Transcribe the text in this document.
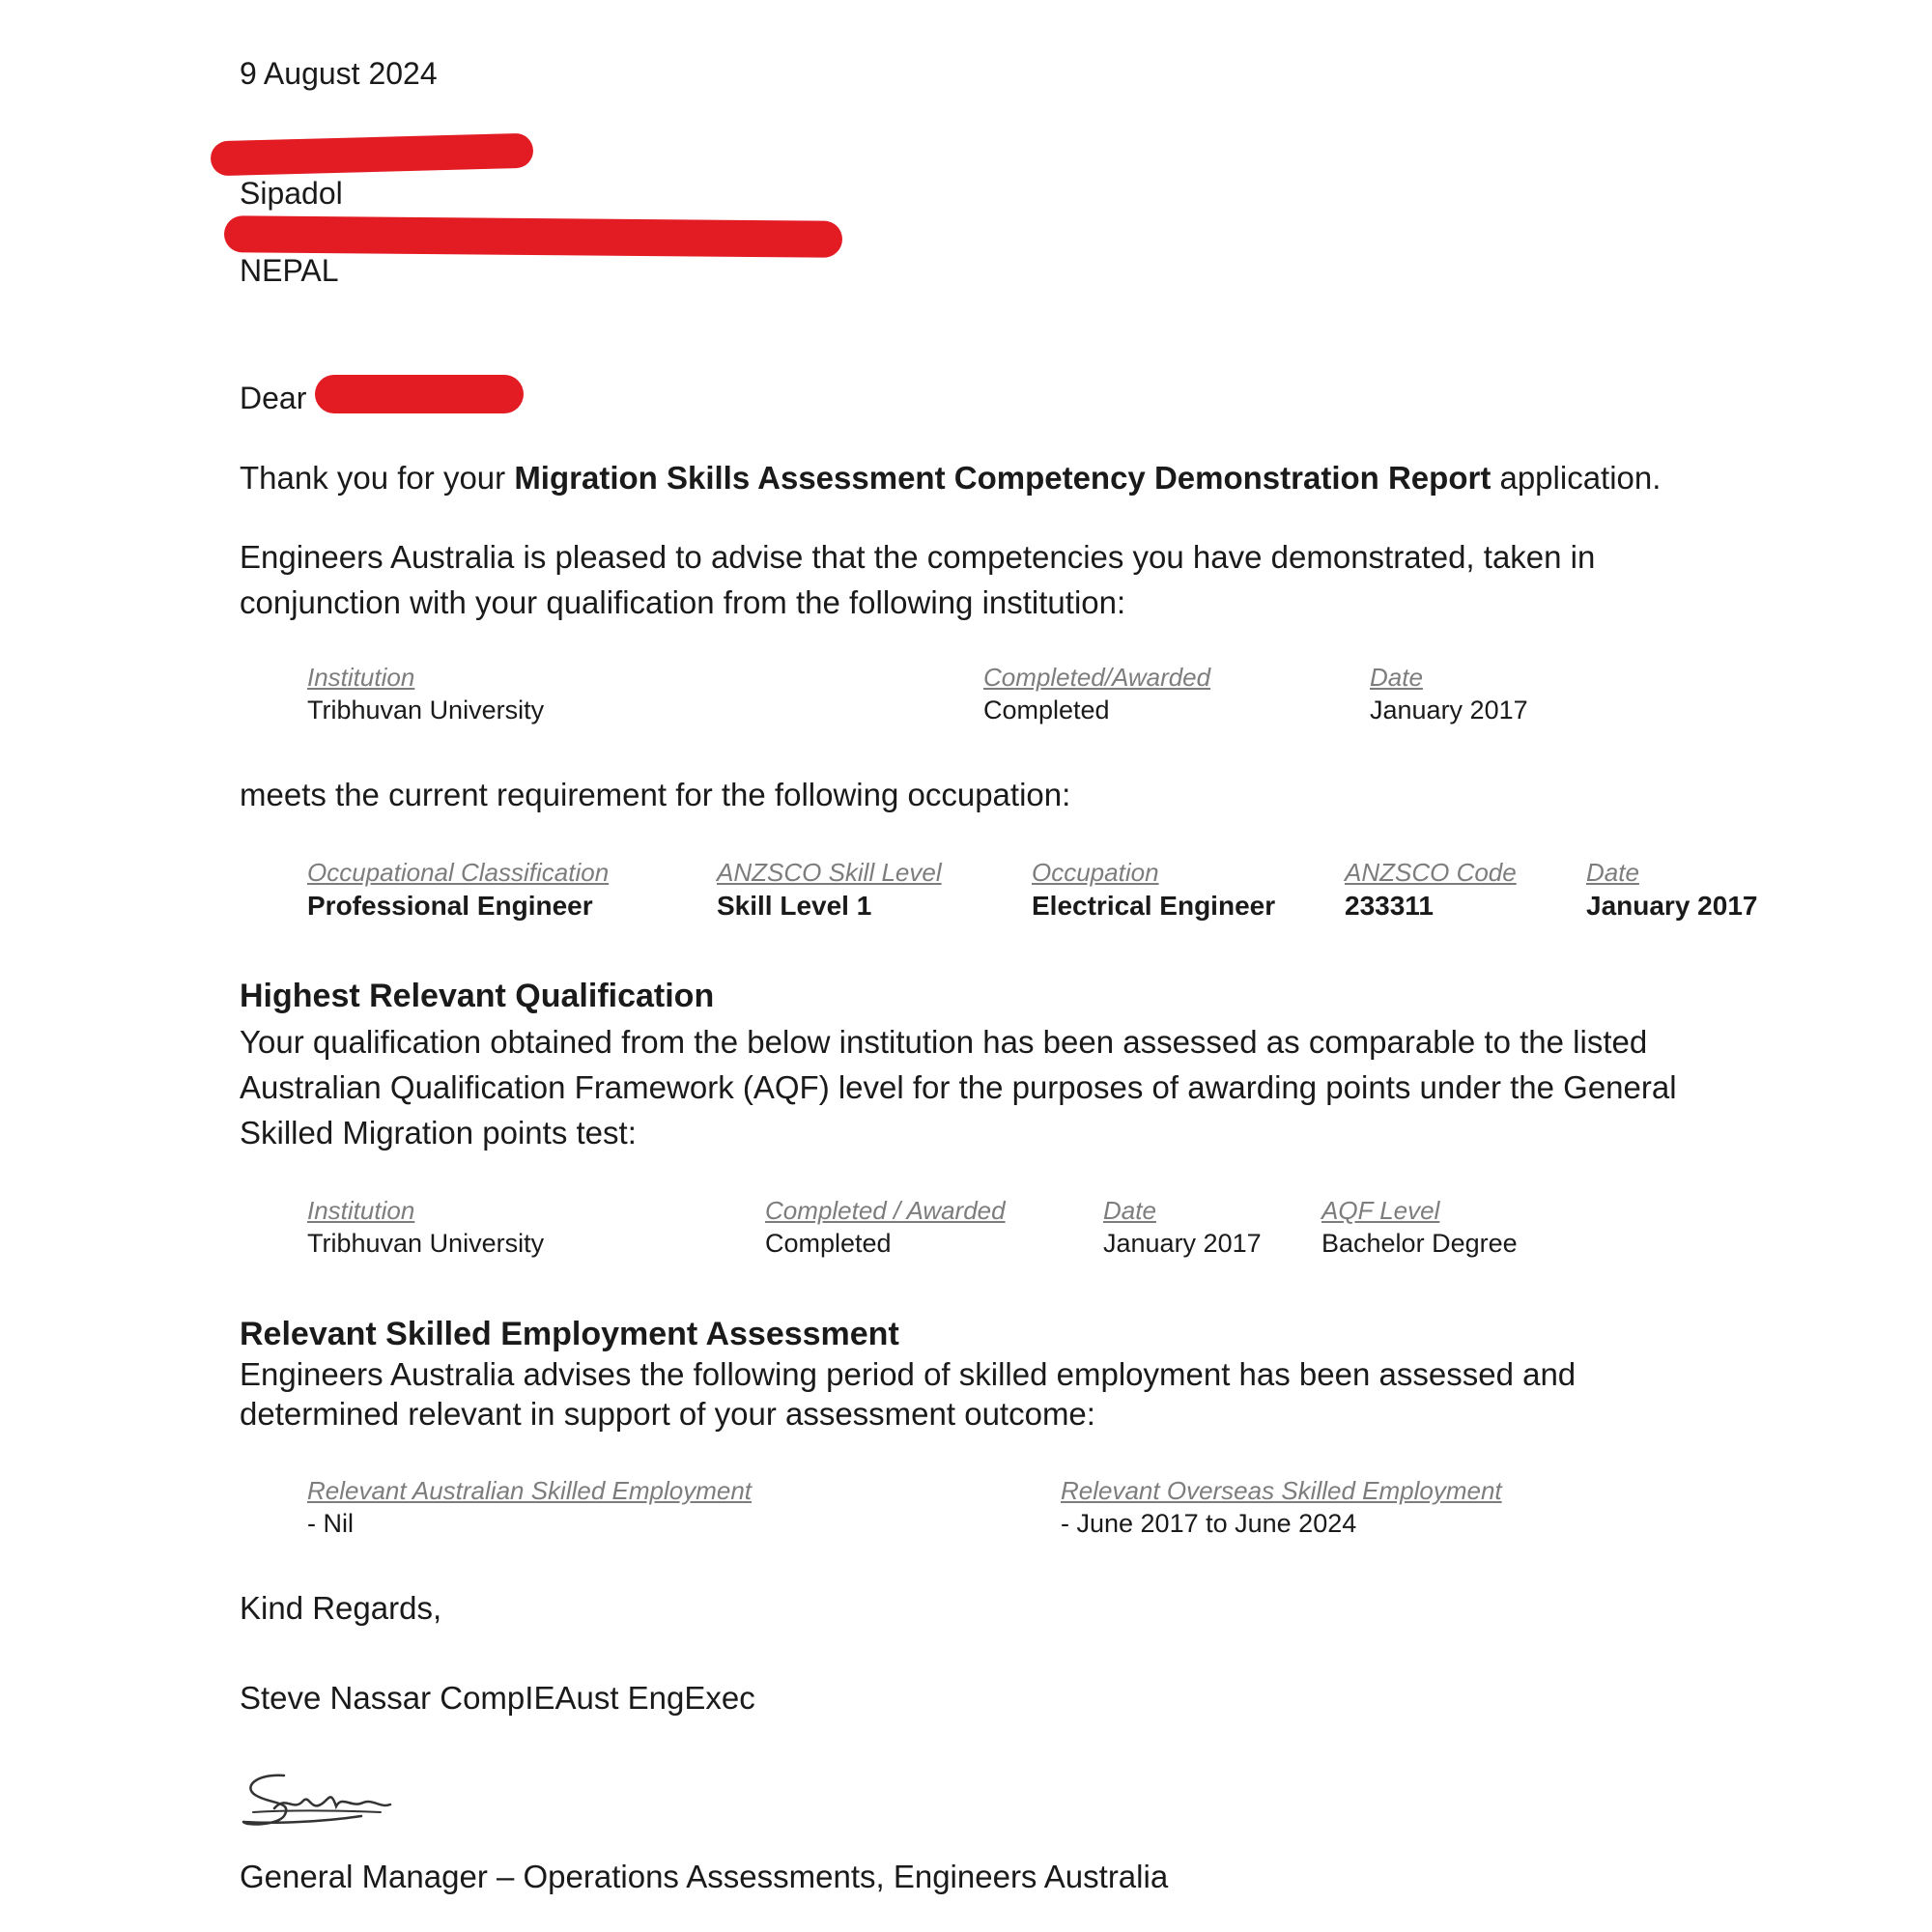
9 August 2024
Sipadol
NEPAL
Dear
Thank you for your Migration Skills Assessment Competency Demonstration Report application.
Engineers Australia is pleased to advise that the competencies you have demonstrated, taken in
conjunction with your qualification from the following institution:
Institution	Completed/Awarded	Date
Tribhuvan University	Completed	January 2017
meets the current requirement for the following occupation:
Occupational Classification	ANZSCO Skill Level	Occupation	ANZSCO Code	Date
Professional Engineer	Skill Level 1	Electrical Engineer	233311	January 2017
Highest Relevant Qualification
Your qualification obtained from the below institution has been assessed as comparable to the listed
Australian Qualification Framework (AQF) level for the purposes of awarding points under the General
Skilled Migration points test:
Institution	Completed / Awarded	Date	AQF Level
Tribhuvan University	Completed	January 2017 Bachelor Degree
Relevant Skilled Employment Assessment
Engineers Australia advises the following period of skilled employment has been assessed and
determined relevant in support of your assessment outcome:
Relevant Australian Skilled Employment	Relevant Overseas Skilled Employment
- Nil	- June 2017 to June 2024
Kind Regards,
Steve Nassar CompIEAust EngExec
General Manager – Operations Assessments, Engineers Australia
